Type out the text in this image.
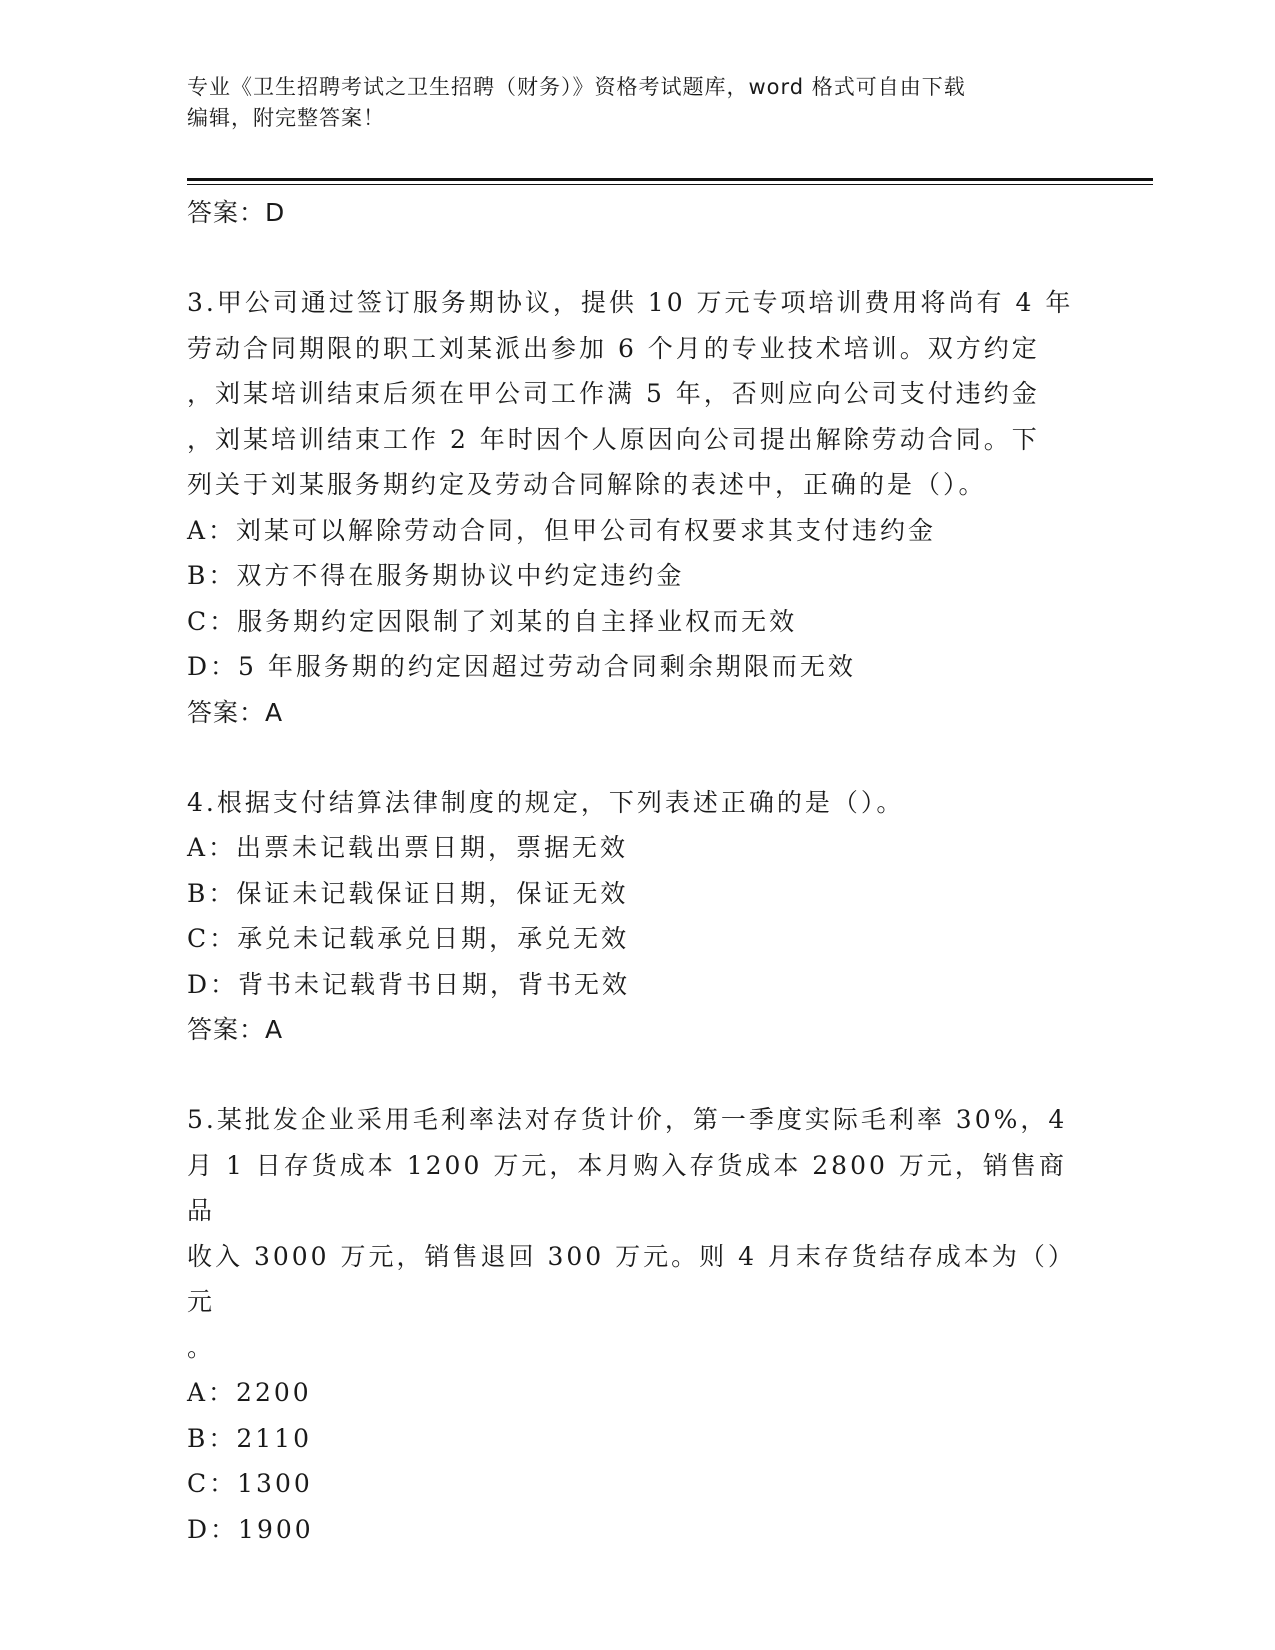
专业《卫生招聘考试之卫生招聘（财务）》资格考试题库，word 格式可自由下载
编辑，附完整答案！

答案：D

3.甲公司通过签订服务期协议，提供 10 万元专项培训费用将尚有 4 年

劳动合同期限的职工刘某派出参加 6 个月的专业技术培训。双方约定

，刘某培训结束后须在甲公司工作满 5 年，否则应向公司支付违约金

，刘某培训结束工作 2 年时因个人原因向公司提出解除劳动合同。下

列关于刘某服务期约定及劳动合同解除的表述中，正确的是（）。

A：刘某可以解除劳动合同，但甲公司有权要求其支付违约金

B：双方不得在服务期协议中约定违约金

C：服务期约定因限制了刘某的自主择业权而无效

D：5 年服务期的约定因超过劳动合同剩余期限而无效

答案：A

4.根据支付结算法律制度的规定，下列表述正确的是（）。

A：出票未记载出票日期，票据无效

B：保证未记载保证日期，保证无效

C：承兑未记载承兑日期，承兑无效

D：背书未记载背书日期，背书无效

答案：A

5.某批发企业采用毛利率法对存货计价，第一季度实际毛利率 30%，4

月 1 日存货成本 1200 万元，本月购入存货成本 2800 万元，销售商品

收入 3000 万元，销售退回 300 万元。则 4 月末存货结存成本为（）元

。

A：2200

B：2110

C：1300

D：1900
